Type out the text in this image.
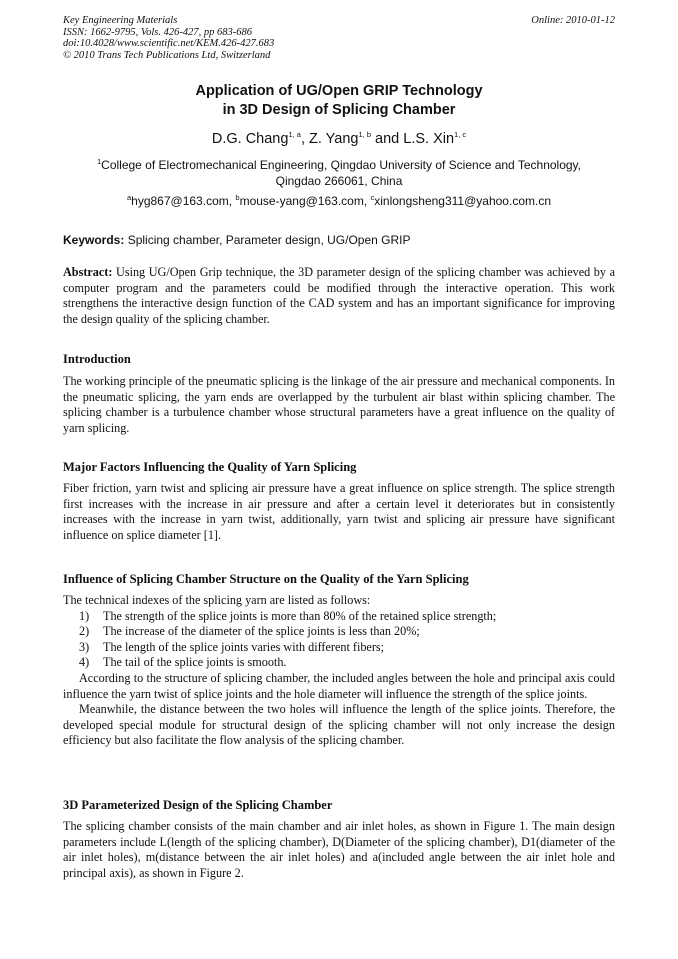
Key Engineering Materials
ISSN: 1662-9795, Vols. 426-427, pp 683-686
doi:10.4028/www.scientific.net/KEM.426-427.683
© 2010 Trans Tech Publications Ltd, Switzerland
Online: 2010-01-12
Application of UG/Open GRIP Technology
in 3D Design of Splicing Chamber
D.G. Chang$^{1, a}$, Z. Yang$^{1, b}$ and L.S. Xin$^{1, c}$
$^1$College of Electromechanical Engineering, Qingdao University of Science and Technology,
Qingdao 266061, China
$^a$hyg867@163.com, $^b$mouse-yang@163.com, $^c$xinlongsheng311@yahoo.com.cn
Keywords: Splicing chamber, Parameter design, UG/Open GRIP
Abstract: Using UG/Open Grip technique, the 3D parameter design of the splicing chamber was achieved by a computer program and the parameters could be modified through the interactive operation. This work strengthens the interactive design function of the CAD system and has an important significance for improving the design quality of the splicing chamber.
Introduction
The working principle of the pneumatic splicing is the linkage of the air pressure and mechanical components. In the pneumatic splicing, the yarn ends are overlapped by the turbulent air blast within splicing chamber. The splicing chamber is a turbulence chamber whose structural parameters have a great influence on the quality of yarn splicing.
Major Factors Influencing the Quality of Yarn Splicing
Fiber friction, yarn twist and splicing air pressure have a great influence on splice strength. The splice strength first increases with the increase in air pressure and after a certain level it deteriorates but in consistently increases with the increase in yarn twist, additionally, yarn twist and splicing air pressure have significant influence on splice diameter [1].
Influence of Splicing Chamber Structure on the Quality of the Yarn Splicing
The technical indexes of the splicing yarn are listed as follows:
1)	The strength of the splice joints is more than 80% of the retained splice strength;
2)	The increase of the diameter of the splice joints is less than 20%;
3)	The length of the splice joints varies with different fibers;
4)	The tail of the splice joints is smooth.
According to the structure of splicing chamber, the included angles between the hole and principal axis could influence the yarn twist of splice joints and the hole diameter will influence the strength of the splice joints.
Meanwhile, the distance between the two holes will influence the length of the splice joints. Therefore, the developed special module for structural design of the splicing chamber will not only increase the design efficiency but also facilitate the flow analysis of the splicing chamber.
3D Parameterized Design of the Splicing Chamber
The splicing chamber consists of the main chamber and air inlet holes, as shown in Figure 1. The main design parameters include L(length of the splicing chamber), D(Diameter of the splicing chamber), D1(diameter of the air inlet holes), m(distance between the air inlet holes) and a(included angle between the air inlet hole and principal axis), as shown in Figure 2.
